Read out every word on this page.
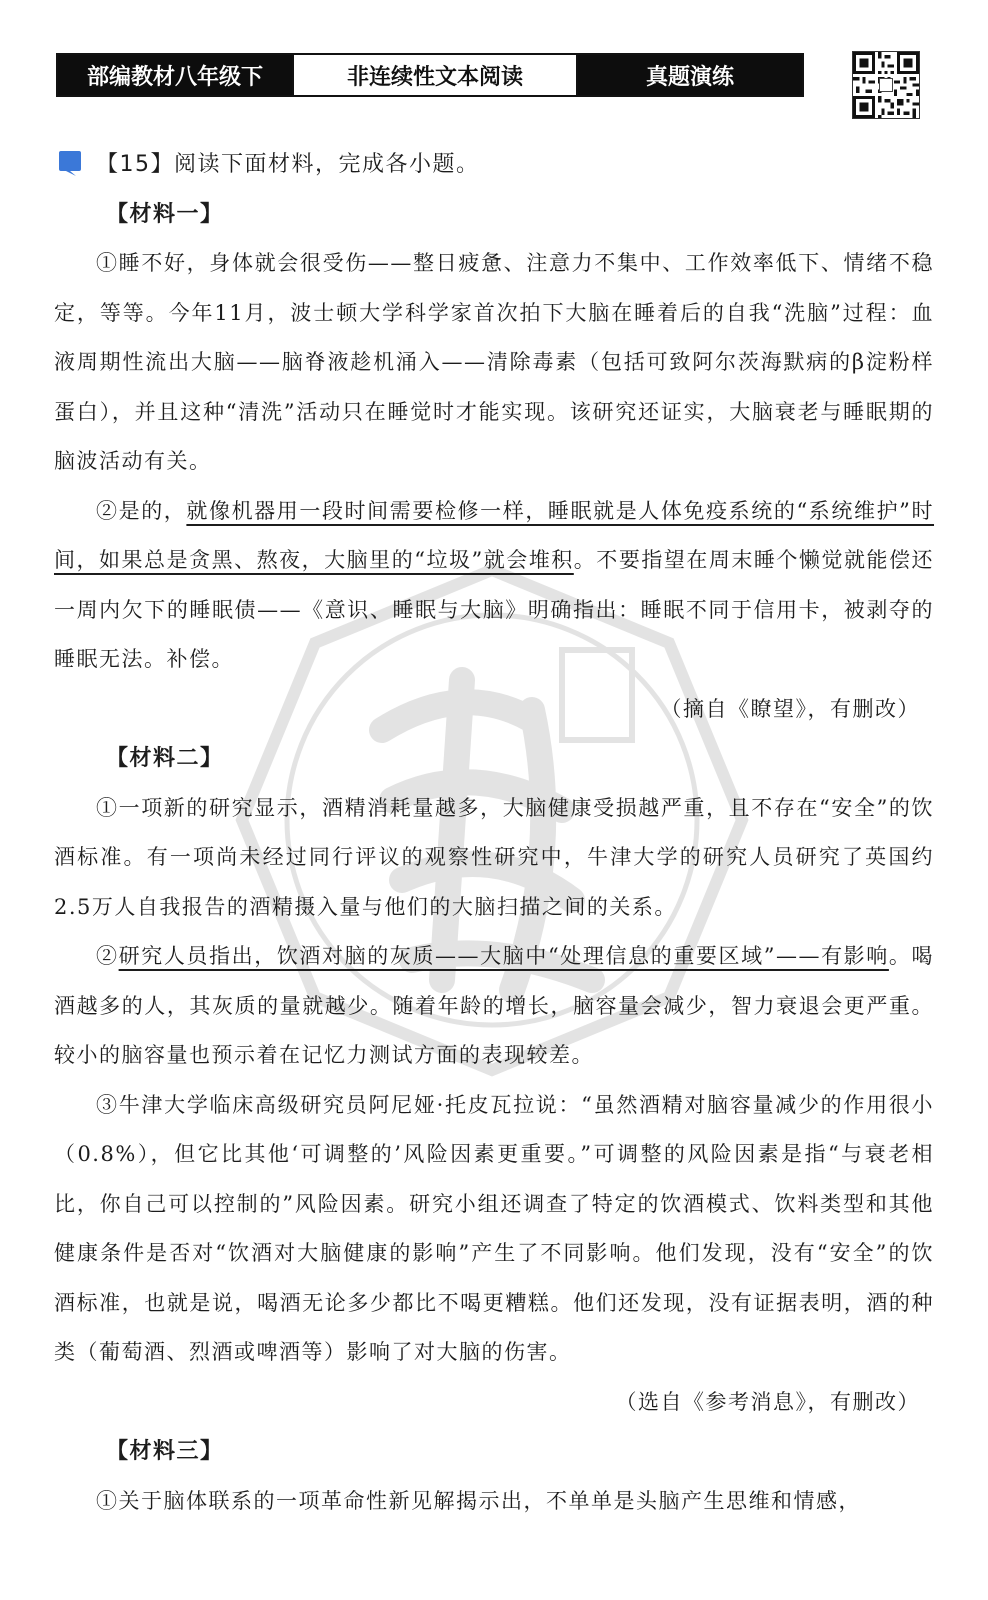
部编教材八年级下	非连续性文本阅读	真题演练
【15】阅读下面材料，完成各小题。
【材料一】

①睡不好，身体就会很受伤——整日疲惫、注意力不集中、工作效率低下、情绪不稳定，等等。今年11月，波士顿大学科学家首次拍下大脑在睡着后的自我“洗脑”过程：血液周期性流出大脑——脑脊液趁机涌入——清除毒素（包括可致阿尔茨海默病的β淀粉样蛋白），并且这种“清洗”活动只在睡觉时才能实现。该研究还证实，大脑衰老与睡眠期的脑波活动有关。

②是的，就像机器用一段时间需要检修一样，睡眠就是人体免疫系统的“系统维护”时间，如果总是贪黑、熬夜，大脑里的“垃圾”就会堆积。不要指望在周末睡个懒觉就能偿还一周内欠下的睡眠债——《意识、睡眠与大脑》明确指出：睡眠不同于信用卡，被剥夺的睡眠无法。补偿。

（摘自《瞭望》，有删改）
【材料二】

①一项新的研究显示，酒精消耗量越多，大脑健康受损越严重，且不存在“安全”的饮酒标准。有一项尚未经过同行评议的观察性研究中，牛津大学的研究人员研究了英国约2.5万人自我报告的酒精摄入量与他们的大脑扫描之间的关系。

②研究人员指出，饮酒对脑的灰质——大脑中“处理信息的重要区域”——有影响。喝酒越多的人，其灰质的量就越少。随着年龄的增长，脑容量会减少，智力衰退会更严重。较小的脑容量也预示着在记忆力测试方面的表现较差。

③牛津大学临床高级研究员阿尼娅·托皮瓦拉说：“虽然酒精对脑容量减少的作用很小（0.8%），但它比其他‘可调整的’风险因素更重要。”可调整的风险因素是指“与衰老相比，你自己可以控制的”风险因素。研究小组还调查了特定的饮酒模式、饮料类型和其他健康条件是否对“饮酒对大脑健康的影响”产生了不同影响。他们发现，没有“安全”的饮酒标准，也就是说，喝酒无论多少都比不喝更糟糕。他们还发现，没有证据表明，酒的种类（葡萄酒、烈酒或啤酒等）影响了对大脑的伤害。

（选自《参考消息》，有删改）
【材料三】

①关于脑体联系的一项革命性新见解揭示出，不单单是头脑产生思维和情感，
